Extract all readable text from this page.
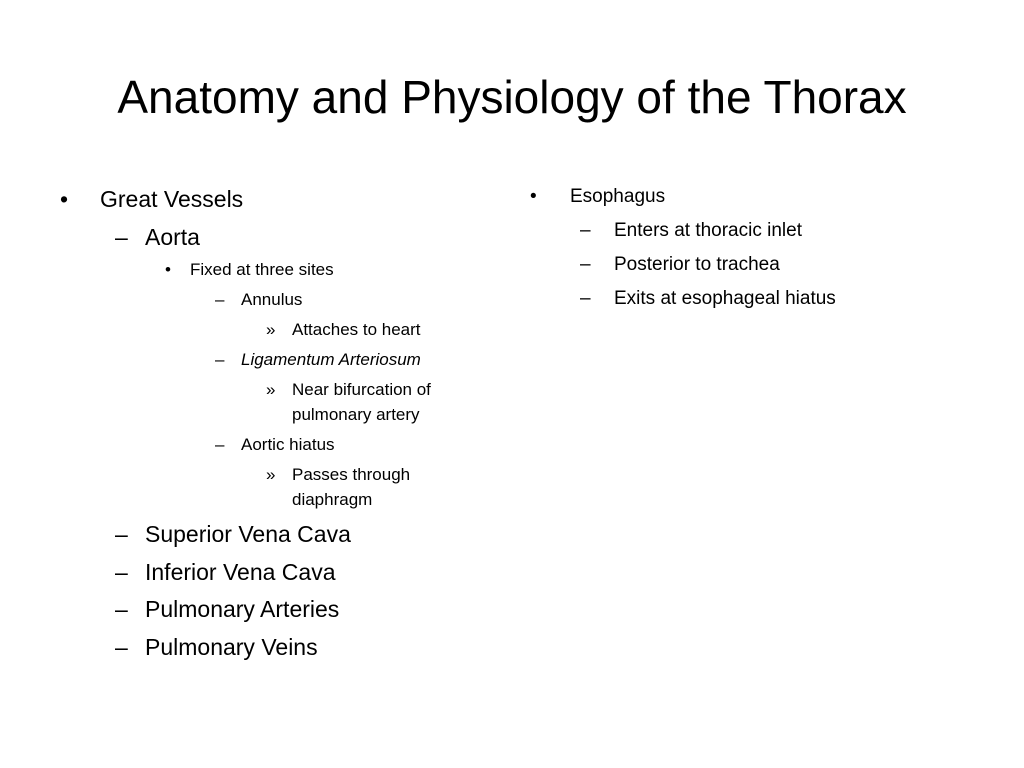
Anatomy and Physiology of the Thorax
• Great Vessels
– Aorta
• Fixed at three sites
– Annulus
» Attaches to heart
– Ligamentum Arteriosum
» Near bifurcation of
pulmonary artery
– Aortic hiatus
» Passes through
diaphragm
– Superior Vena Cava
– Inferior Vena Cava
– Pulmonary Arteries
– Pulmonary Veins
• Esophagus
– Enters at thoracic inlet
– Posterior to trachea
– Exits at esophageal hiatus
